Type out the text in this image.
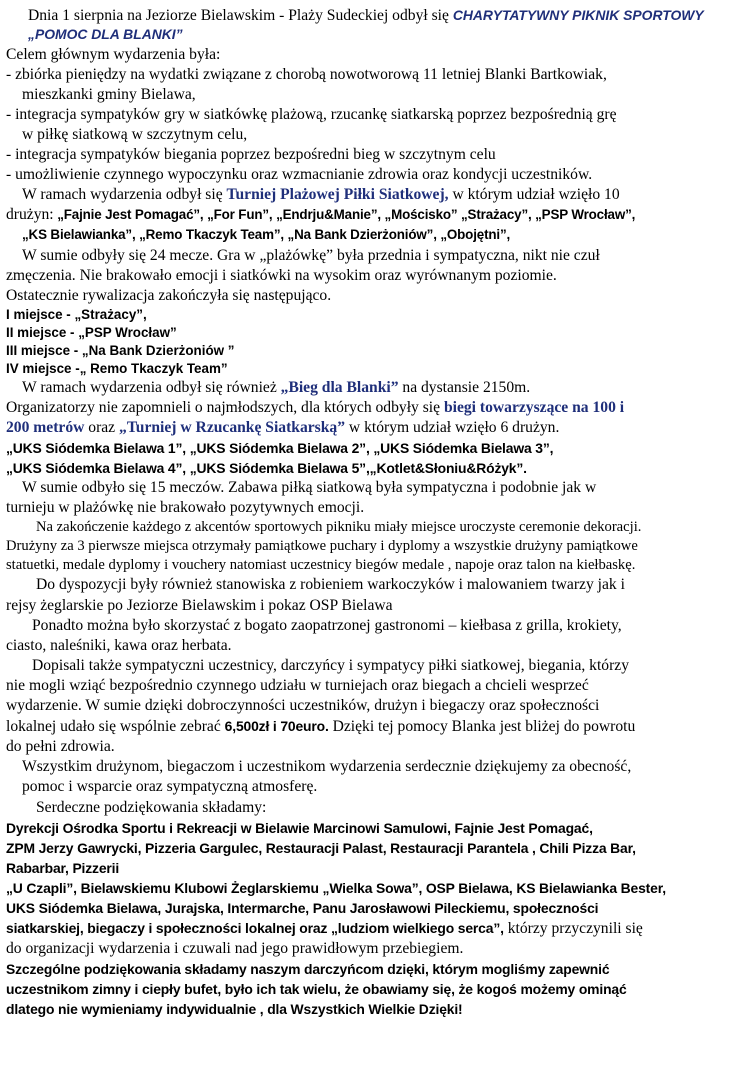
Dnia 1 sierpnia na Jeziorze Bielawskim - Plaży Sudeckiej odbył się CHARYTATYWNY PIKNIK SPORTOWY „POMOC DLA BLANKI”

Celem głównym wydarzenia była:

- zbiórka pieniędzy na wydatki związane z chorobą nowotworową 11 letniej Blanki Bartkowiak,

mieszkanki gminy Bielawa,

- integracja sympatyków gry w siatkówkę plażową, rzucankę siatkarską poprzez bezpośrednią grę

w piłkę siatkową w szczytnym celu,

- integracja sympatyków biegania poprzez bezpośredni bieg w szczytnym celu

- umożliwienie czynnego wypoczynku oraz wzmacnianie zdrowia oraz kondycji uczestników.

W ramach wydarzenia odbył się Turniej Plażowej Piłki Siatkowej, w którym udział wzięło 10

drużyn: „Fajnie Jest Pomagać”, „For Fun”, „Endrju&Manie”, „Mościsko” „Strażacy”, „PSP Wrocław”,

„KS Bielawianka”, „Remo Tkaczyk Team”, „Na Bank Dzierżoniów”, „Obojętni”,

W sumie odbyły się 24 mecze. Gra w „plażówkę” była przednia i sympatyczna, nikt nie czuł

zmęczenia. Nie brakowało emocji i siatkówki na wysokim oraz wyrównanym poziomie.

Ostatecznie rywalizacja zakończyła się następująco.

I miejsce - „Strażacy”,

II miejsce - „PSP Wrocław”

III miejsce - „Na Bank Dzierżoniów ”

IV miejsce -„ Remo Tkaczyk Team”

W ramach wydarzenia odbył się również „Bieg dla Blanki” na dystansie 2150m.

Organizatorzy nie zapomnieli o najmłodszych, dla których odbyły się biegi towarzyszące na 100 i

200 metrów oraz „Turniej w Rzucankę Siatkarską” w którym udział wzięło 6 drużyn.

„UKS Siódemka Bielawa 1”, „UKS Siódemka Bielawa 2”, „UKS Siódemka Bielawa 3”,

„UKS Siódemka Bielawa 4”, „UKS Siódemka Bielawa 5”,„Kotlet&Słoniu&Różyk”.

W sumie odbyło się 15 meczów. Zabawa piłką siatkową była sympatyczna i podobnie jak w

turnieju w plażówkę nie brakowało pozytywnych emocji.

Na zakończenie każdego z akcentów sportowych pikniku miały miejsce uroczyste ceremonie dekoracji.

Drużyny za 3 pierwsze miejsca otrzymały pamiątkowe puchary i dyplomy a wszystkie drużyny pamiątkowe

statuetki, medale dyplomy i vouchery natomiast uczestnicy biegów medale , napoje oraz talon na kiełbaskę.

Do dyspozycji były również stanowiska z robieniem warkoczyków i malowaniem twarzy jak i

rejsy żeglarskie po Jeziorze Bielawskim i pokaz OSP Bielawa

Ponadto można było skorzystać z bogato zaopatrzonej gastronomi – kiełbasa z grilla, krokiety,

ciasto, naleśniki, kawa oraz herbata.

Dopisali także sympatyczni uczestnicy, darczyńcy i sympatycy piłki siatkowej, biegania, którzy

nie mogli wziąć bezpośrednio czynnego udziału w turniejach oraz biegach a chcieli wesprzeć

wydarzenie. W sumie dzięki dobroczynności uczestników, drużyn i biegaczy oraz społeczności

lokalnej udało się wspólnie zebrać 6,500zł i 70euro. Dzięki tej pomocy Blanka jest bliżej do powrotu

do pełni zdrowia.

Wszystkim drużynom, biegaczom i uczestnikom wydarzenia serdecznie dziękujemy za obecność,

pomoc i wsparcie oraz sympatyczną atmosferę.

Serdeczne podziękowania składamy:

Dyrekcji Ośrodka Sportu i Rekreacji w Bielawie Marcinowi Samulowi, Fajnie Jest Pomagać,

ZPM Jerzy Gawrycki, Pizzeria Gargulec, Restauracji Palast, Restauracji Parantela , Chili Pizza Bar,

Rabarbar, Pizzerii

„U Czapli”, Bielawskiemu Klubowi Żeglarskiemu „Wielka Sowa”, OSP Bielawa, KS Bielawianka Bester,

UKS Siódemka Bielawa, Jurajska, Intermarche, Panu Jarosławowi Pileckiemu, społeczności

siatkarskiej, biegaczy i społeczności lokalnej oraz „ludziom wielkiego serca”, którzy przyczynili się

do organizacji wydarzenia i czuwali nad jego prawidłowym przebiegiem.

Szczególne podziękowania składamy naszym darczyńcom dzięki, którym mogliśmy zapewnić

uczestnikom zimny i ciepły bufet, było ich tak wielu, że obawiamy się, że kogoś możemy ominąć

dlatego nie wymieniamy indywidualnie , dla Wszystkich Wielkie Dzięki!
